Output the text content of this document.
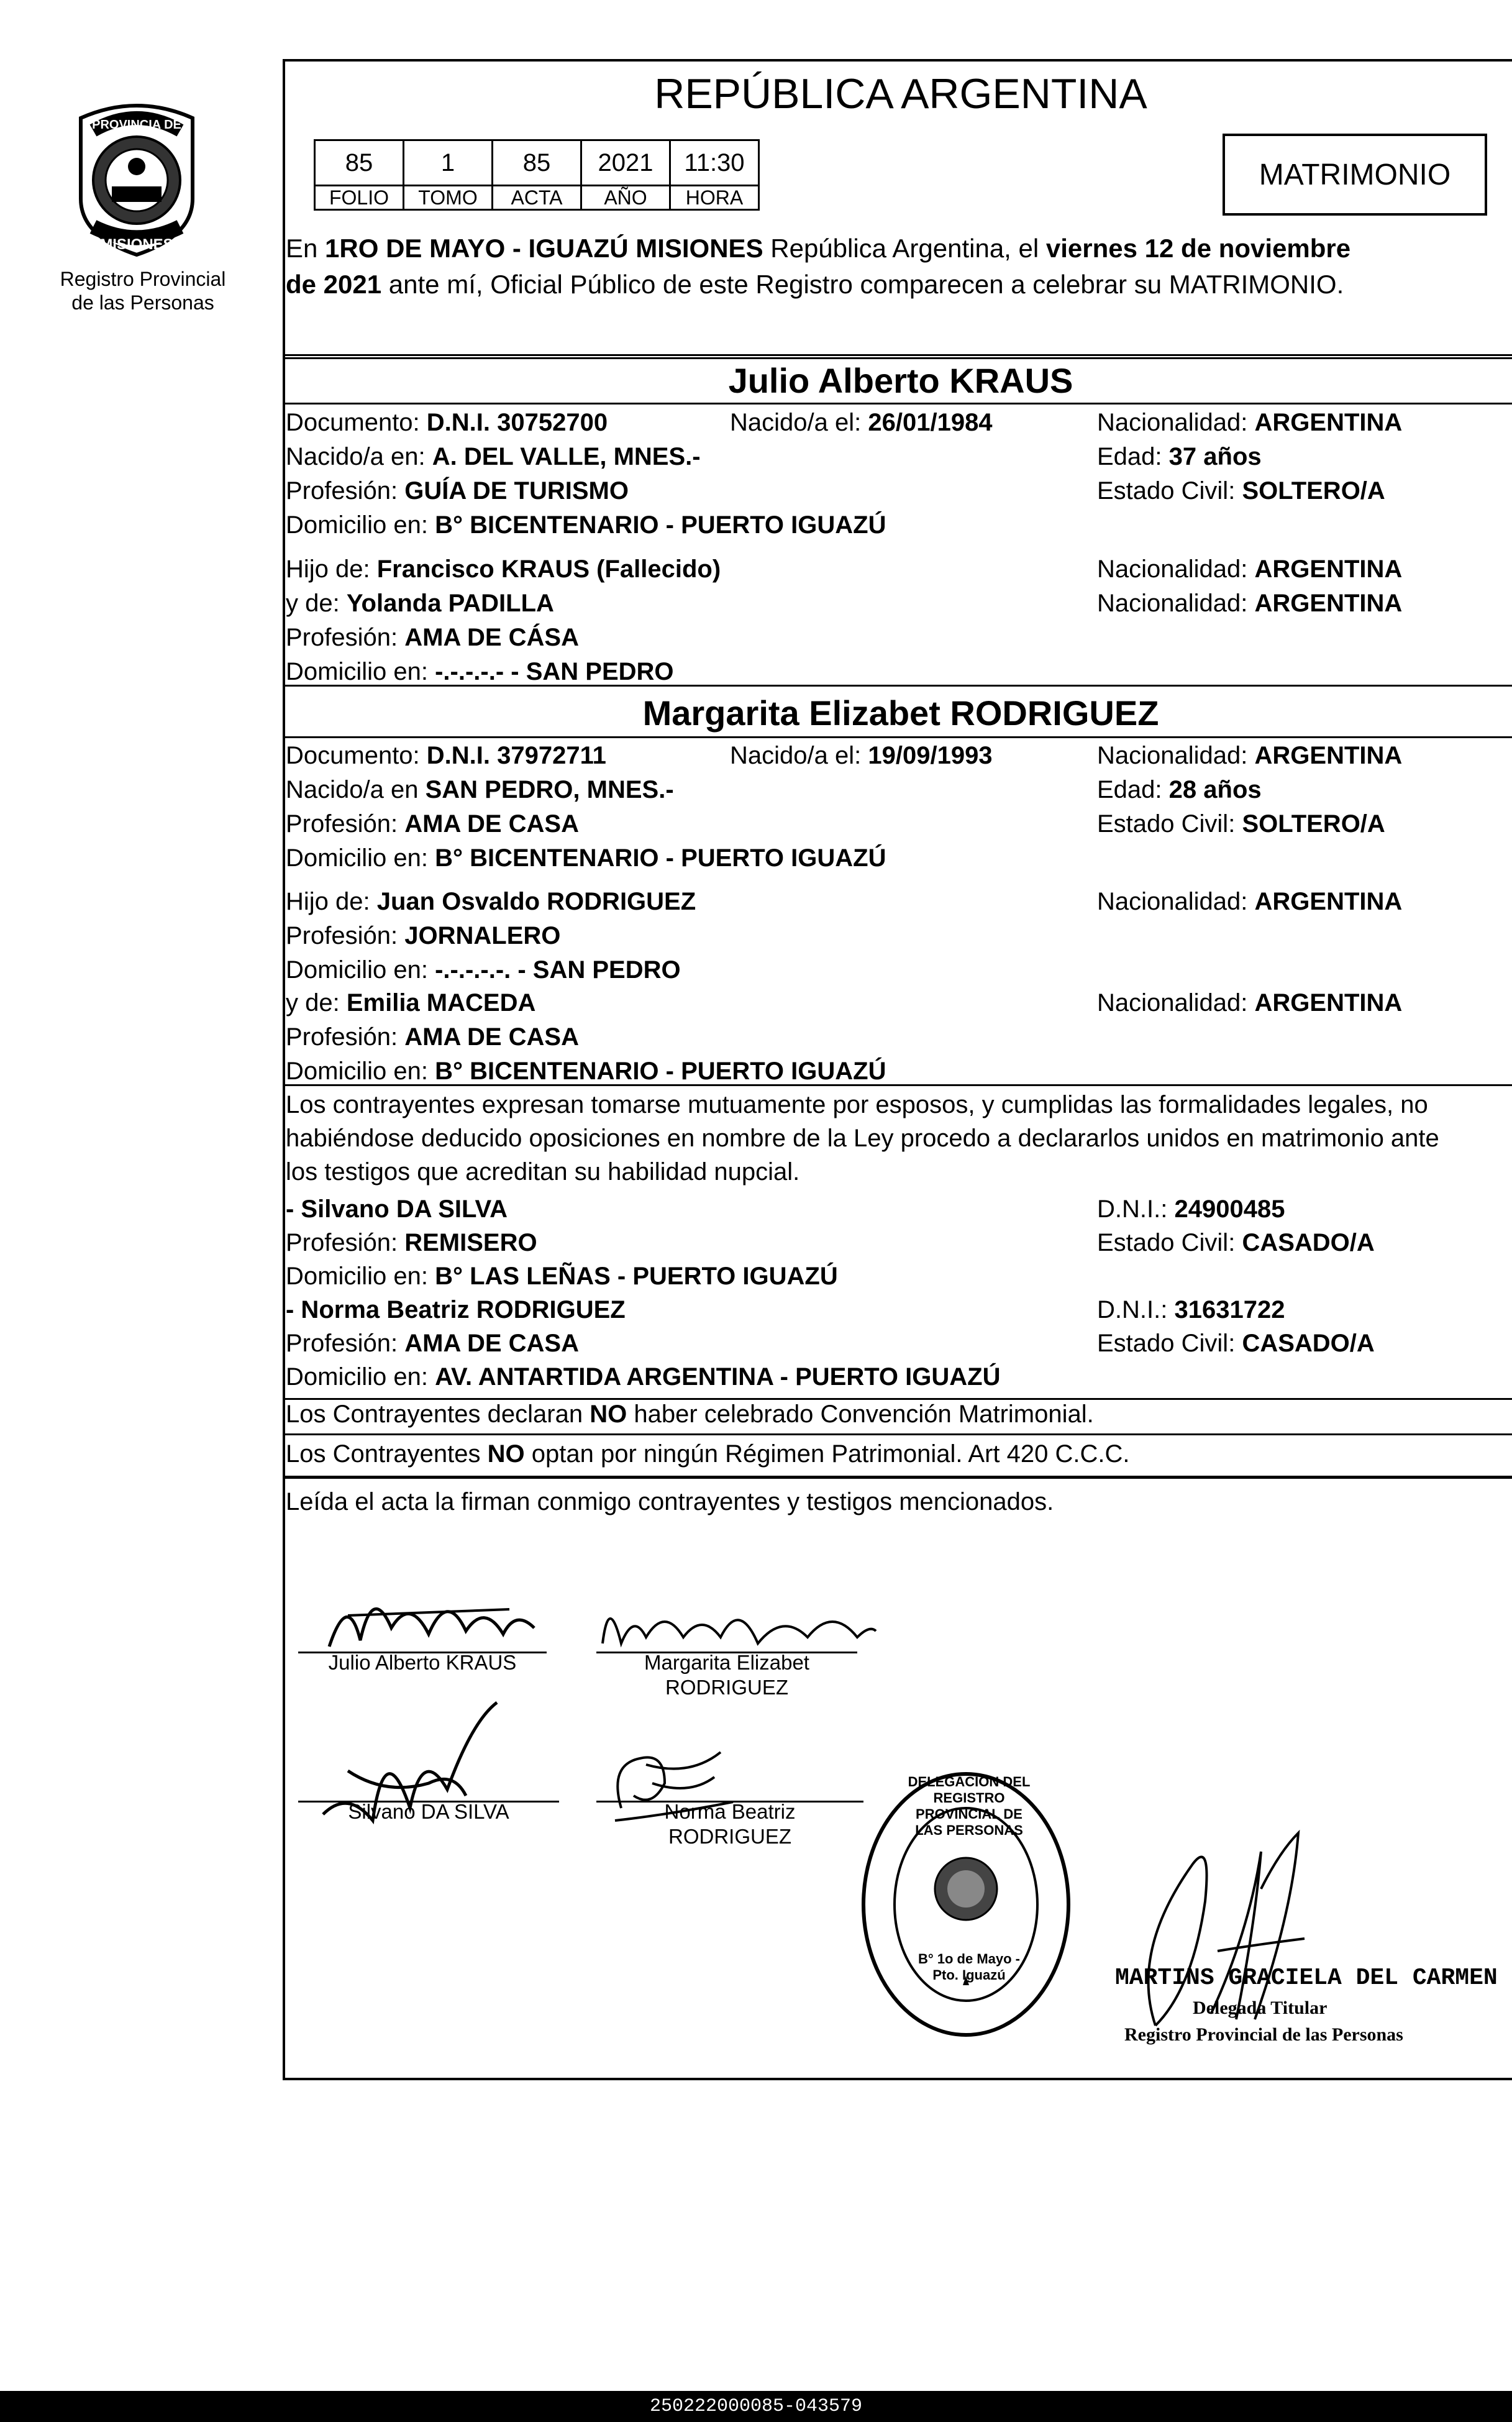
PROVINCIA DE
MISIONES
Registro Provincial
de las Personas
REPÚBLICA ARGENTINA
85	1	85	2021	11:30
FOLIO	TOMO	ACTA	AÑO	HORA
MATRIMONIO
En 1RO DE MAYO - IGUAZÚ MISIONES República Argentina, el viernes 12 de noviembre
de 2021 ante mí, Oficial Público de este Registro comparecen a celebrar su MATRIMONIO.
Julio Alberto KRAUS
Documento: D.N.I. 30752700	Nacido/a el: 26/01/1984	Nacionalidad: ARGENTINA
Nacido/a en: A. DEL VALLE, MNES.-	Edad: 37 años
Profesión: GUÍA DE TURISMO	Estado Civil: SOLTERO/A
Domicilio en: B° BICENTENARIO - PUERTO IGUAZÚ
Hijo de: Francisco KRAUS (Fallecido)	Nacionalidad: ARGENTINA
y de: Yolanda PADILLA	Nacionalidad: ARGENTINA
Profesión: AMA DE CÁSA
Domicilio en: -.-.-.-.- - SAN PEDRO
Margarita Elizabet RODRIGUEZ
Documento: D.N.I. 37972711	Nacido/a el: 19/09/1993	Nacionalidad: ARGENTINA
Nacido/a en SAN PEDRO, MNES.-	Edad: 28 años
Profesión: AMA DE CASA	Estado Civil: SOLTERO/A
Domicilio en: B° BICENTENARIO - PUERTO IGUAZÚ
Hijo de: Juan Osvaldo RODRIGUEZ	Nacionalidad: ARGENTINA
Profesión: JORNALERO
Domicilio en: -.-.-.-.-. - SAN PEDRO
y de: Emilia MACEDA	Nacionalidad: ARGENTINA
Profesión: AMA DE CASA
Domicilio en: B° BICENTENARIO - PUERTO IGUAZÚ
Los contrayentes expresan tomarse mutuamente por esposos, y cumplidas las formalidades legales, no
habiéndose deducido oposiciones en nombre de la Ley procedo a declararlos unidos en matrimonio ante
los testigos que acreditan su habilidad nupcial.
- Silvano DA SILVA	D.N.I.: 24900485
Profesión: REMISERO	Estado Civil: CASADO/A
Domicilio en: B° LAS LEÑAS - PUERTO IGUAZÚ
- Norma Beatriz RODRIGUEZ	D.N.I.: 31631722
Profesión: AMA DE CASA	Estado Civil: CASADO/A
Domicilio en: AV. ANTARTIDA ARGENTINA - PUERTO IGUAZÚ
Los Contrayentes declaran NO haber celebrado Convención Matrimonial.
Los Contrayentes NO optan por ningún Régimen Patrimonial. Art 420 C.C.C.
Leída el acta la firman conmigo contrayentes y testigos mencionados.
Julio Alberto KRAUS	Margarita Elizabet
RODRIGUEZ
Silvano DA SILVA	Norma Beatriz
RODRIGUEZ
DELEGACION DEL REGISTRO PROVINCIAL DE LAS PERSONAS
B° 1o de Mayo - Pto. Iguazú	MARTINS GRACIELA DEL CARMEN
Delegada Titular
Registro Provincial de las Personas
250222000085-043579
